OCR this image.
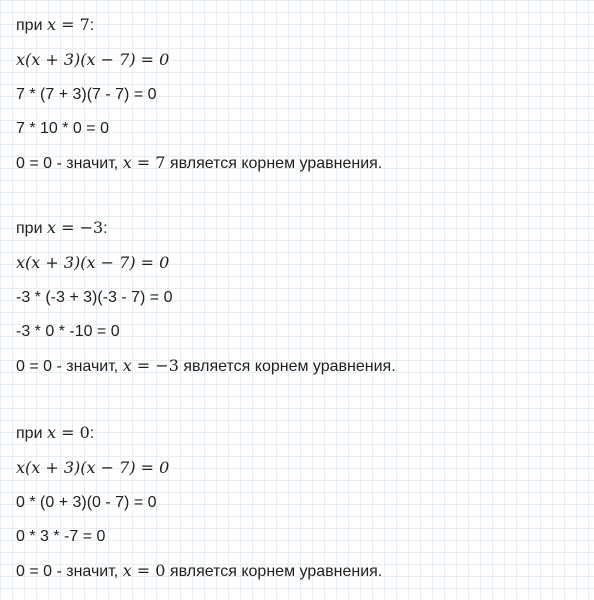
при x = 7:
x(x + 3)(x − 7) = 0
7 * (7 + 3)(7 - 7) = 0
7 * 10 * 0 = 0
0 = 0 - значит, x = 7 является корнем уравнения.
при x = −3:
x(x + 3)(x − 7) = 0
-3 * (-3 + 3)(-3 - 7) = 0
-3 * 0 * -10 = 0
0 = 0 - значит, x = −3 является корнем уравнения.
при x = 0:
x(x + 3)(x − 7) = 0
0 * (0 + 3)(0 - 7) = 0
0 * 3 * -7 = 0
0 = 0 - значит, x = 0 является корнем уравнения.
